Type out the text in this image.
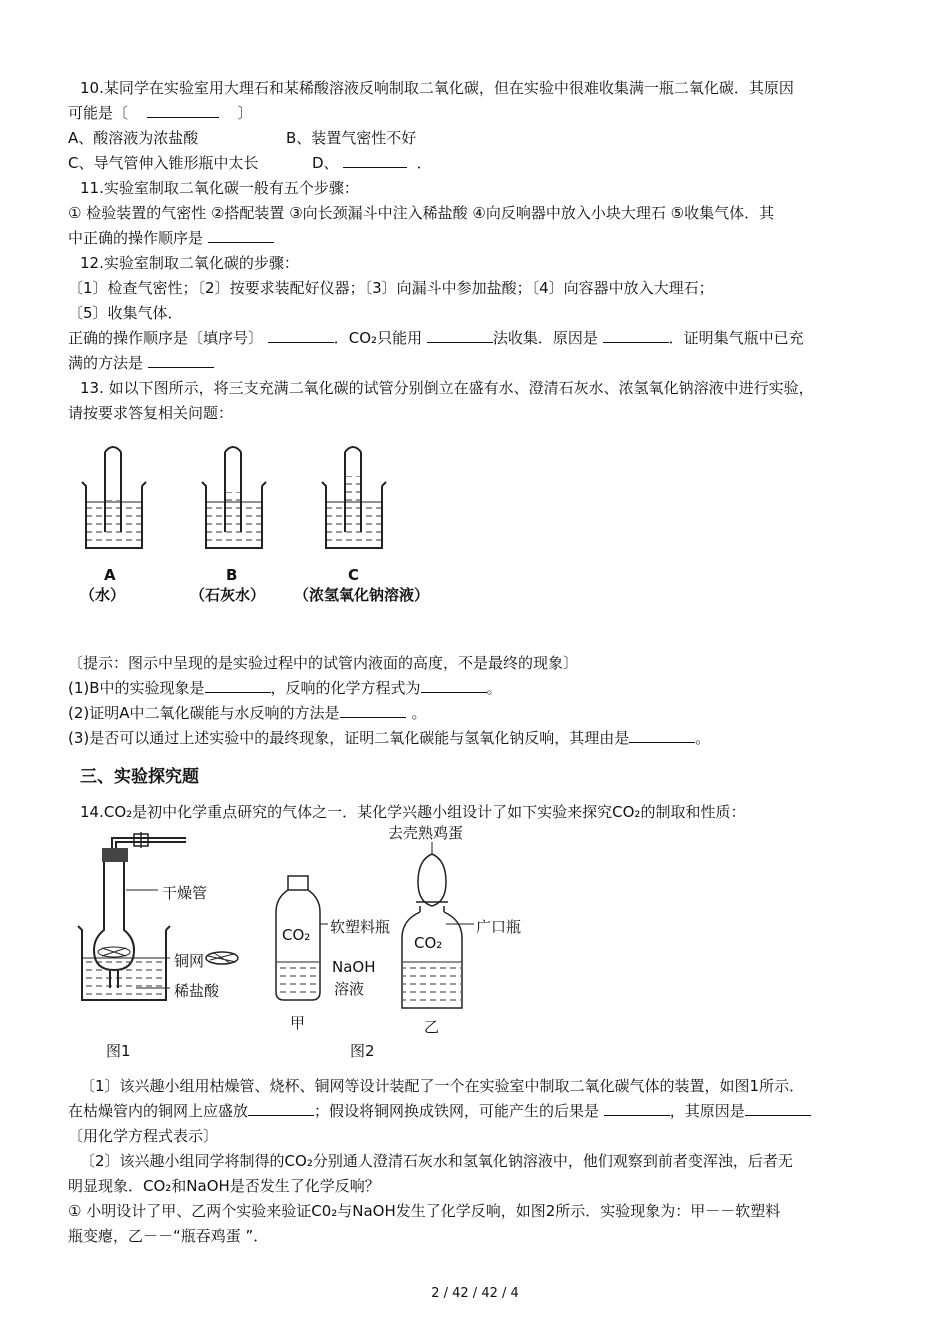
10.某同学在实验室用大理石和某稀酸溶液反响制取二氧化碳，但在实验中很难收集满一瓶二氧化碳．其原因
可能是〔	〕
A、酸溶液为浓盐酸	B、装置气密性不好
C、导气管伸入锥形瓶中太长	D、	．
11.实验室制取二氧化碳一般有五个步骤：
① 检验装置的气密性 ②搭配装置 ③向长颈漏斗中注入稀盐酸 ④向反响器中放入小块大理石 ⑤收集气体．其
中正确的操作顺序是
12.实验室制取二氧化碳的步骤：
〔1〕检查气密性；〔2〕按要求装配好仪器；〔3〕向漏斗中参加盐酸；〔4〕向容器中放入大理石；
〔5〕收集气体．
正确的操作顺序是〔填序号〕	．CO₂只能用	法收集．原因是	．证明集气瓶中已充
满的方法是
13. 如以下图所示，将三支充满二氧化碳的试管分别倒立在盛有水、澄清石灰水、浓氢氧化钠溶液中进行实验，
请按要求答复相关问题：
A
（水）
B
（石灰水）
C
（浓氢氧化钠溶液）
〔提示：图示中呈现的是实验过程中的试管内液面的高度，不是最终的现象〕
(1)B中的实验现象是	，反响的化学方程式为	。
(2)证明A中二氧化碳能与水反响的方法是	。
(3)是否可以通过上述实验中的最终现象，证明二氧化碳能与氢氧化钠反响，其理由是	。
三、实验探究题
14.CO₂是初中化学重点研究的气体之一．某化学兴趣小组设计了如下实验来探究CO₂的制取和性质：
干燥管
铜网
稀盐酸
图1
CO₂ 软塑料瓶
NaOH
溶液
去壳熟鸡蛋
广口瓶
CO₂
甲	乙
图2
〔1〕该兴趣小组用枯燥管、烧杯、铜网等设计装配了一个在实验室中制取二氧化碳气体的装置，如图1所示．
在枯燥管内的铜网上应盛放	；假设将铜网换成铁网，可能产生的后果是	，其原因是
〔用化学方程式表示〕
〔2〕该兴趣小组同学将制得的CO₂分别通人澄清石灰水和氢氧化钠溶液中，他们观察到前者变浑浊，后者无
明显现象．CO₂和NaOH是否发生了化学反响？
① 小明设计了甲、乙两个实验来验证C0₂与NaOH发生了化学反响，如图2所示．实验现象为：甲－－软塑料
瓶变瘪，乙－－“瓶吞鸡蛋 ”．
2 / 42 / 42 / 4
